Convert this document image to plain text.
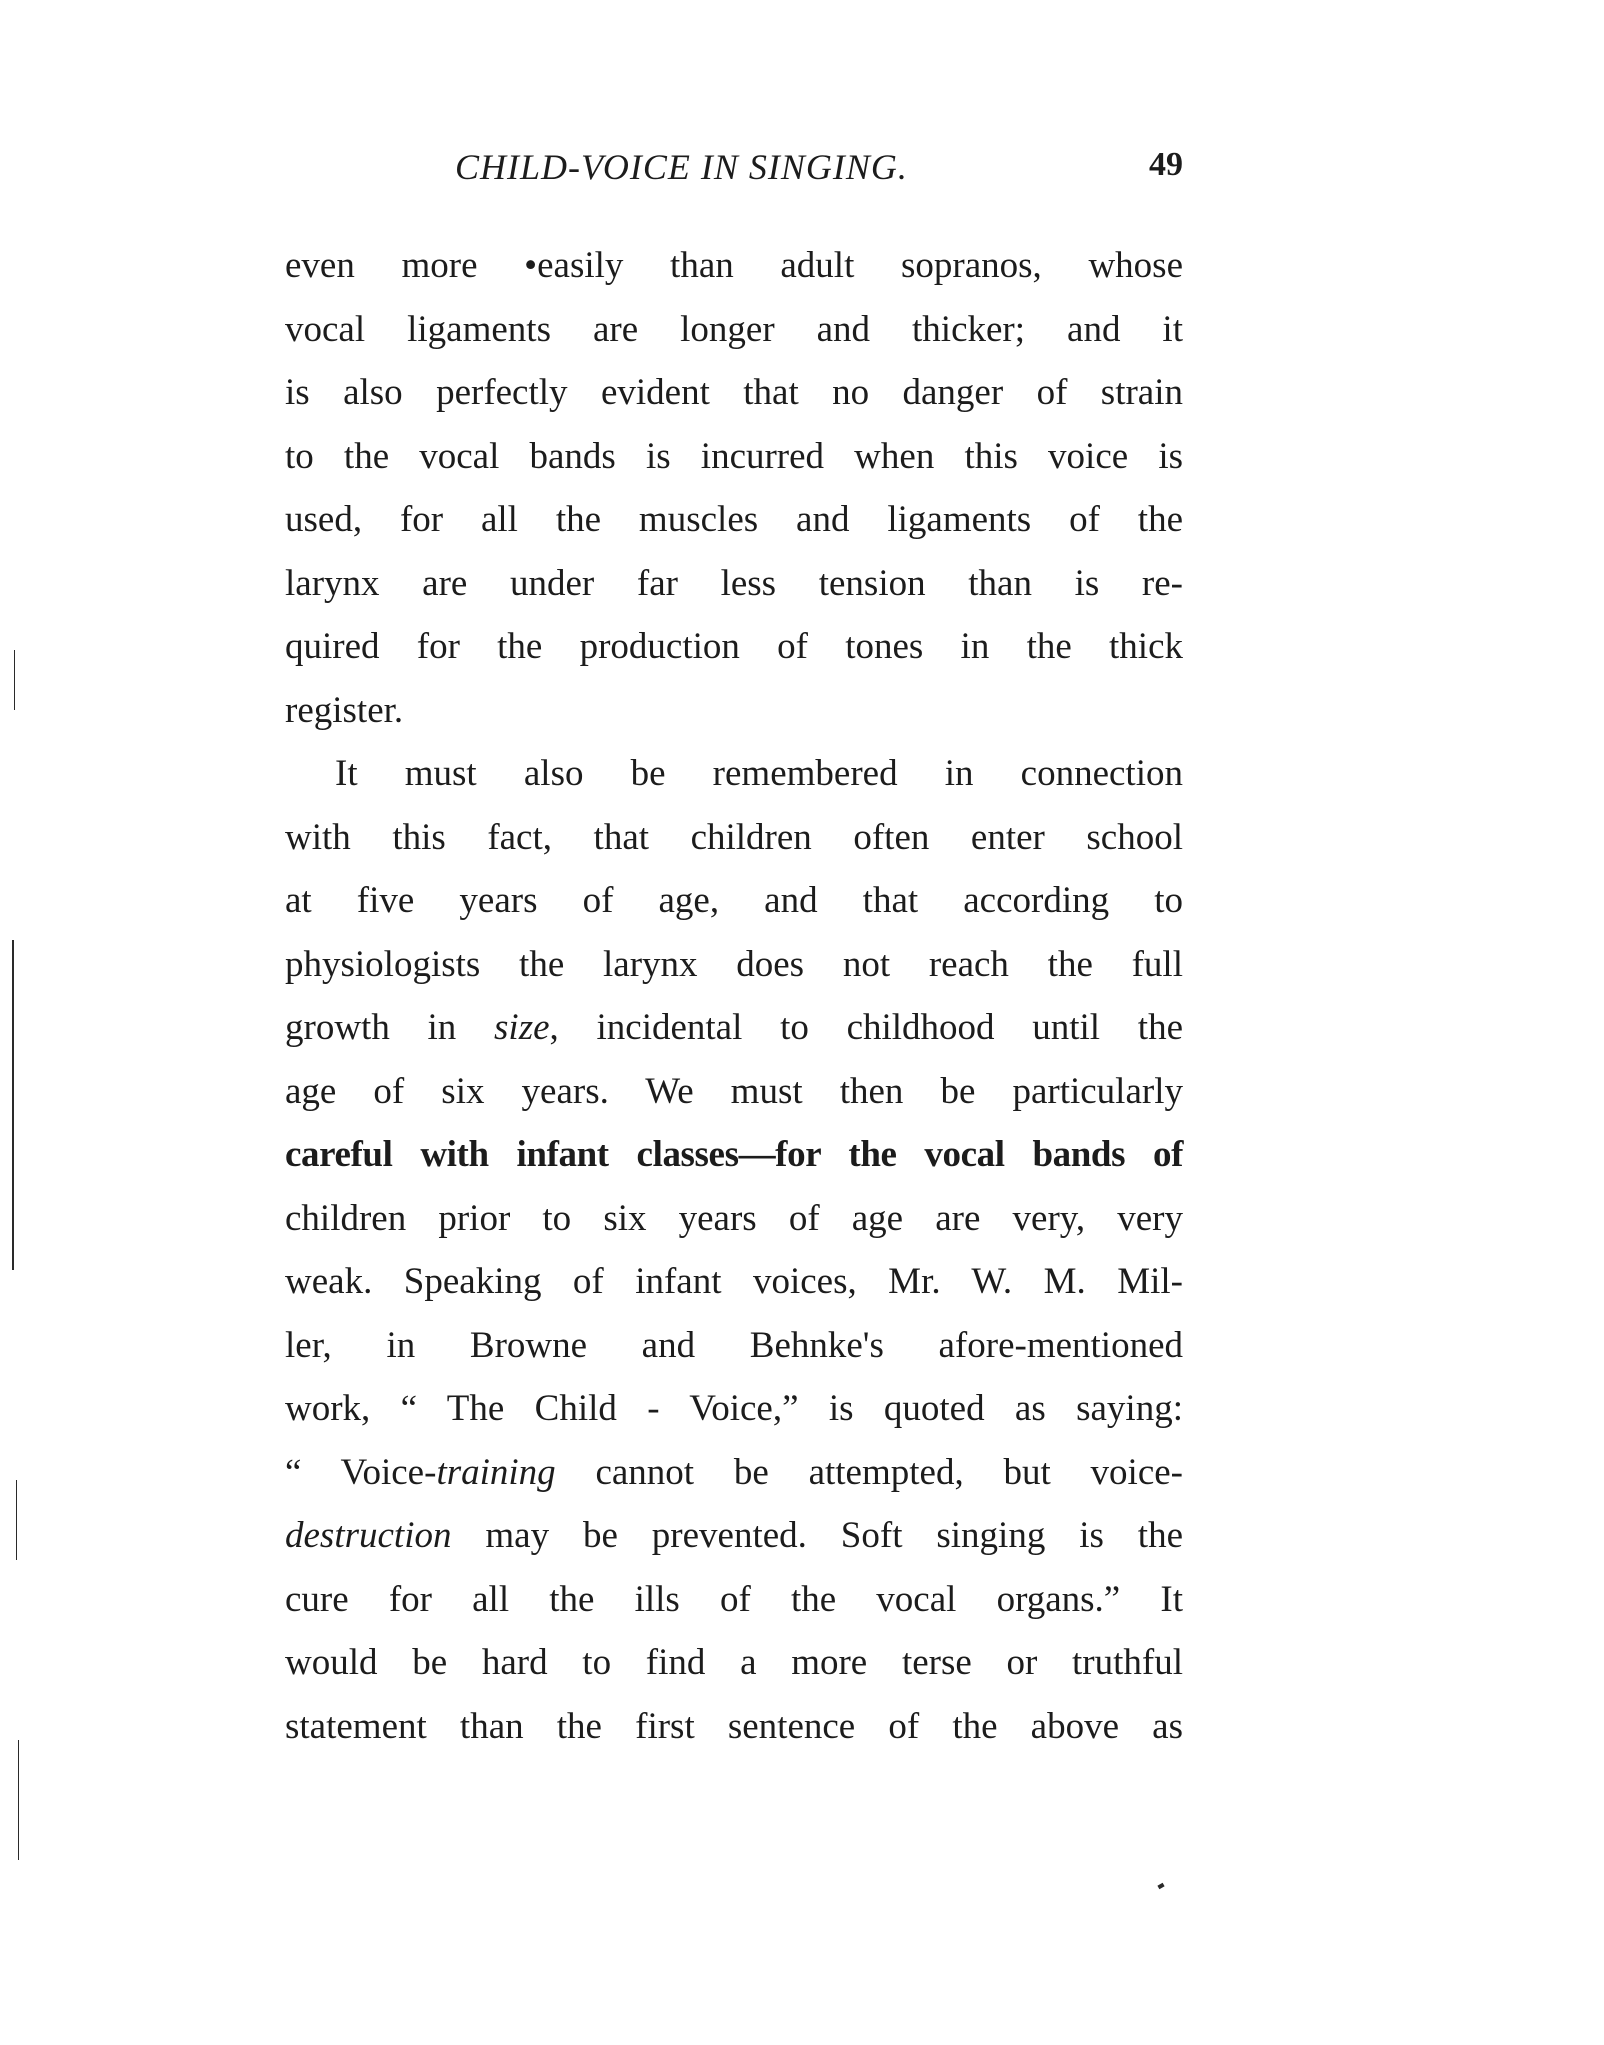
CHILD-VOICE IN SINGING.	49
even more •easily than adult sopranos, whose
vocal ligaments are longer and thicker; and it
is also perfectly evident that no danger of strain
to the vocal bands is incurred when this voice is
used, for all the muscles and ligaments of the
larynx are under far less tension than is re-
quired for the production of tones in the thick
register.
It must also be remembered in connection
with this fact, that children often enter school
at five years of age, and that according to
physiologists the larynx does not reach the full
growth in size, incidental to childhood until the
age of six years. We must then be particularly
careful with infant classes—for the vocal bands of
children prior to six years of age are very, very
weak. Speaking of infant voices, Mr. W. M. Mil-
ler, in Browne and Behnke's afore-mentioned
work, “ The Child - Voice,” is quoted as saying:
“ Voice-training cannot be attempted, but voice-
destruction may be prevented. Soft singing is the
cure for all the ills of the vocal organs.” It
would be hard to find a more terse or truthful
statement than the first sentence of the above as
